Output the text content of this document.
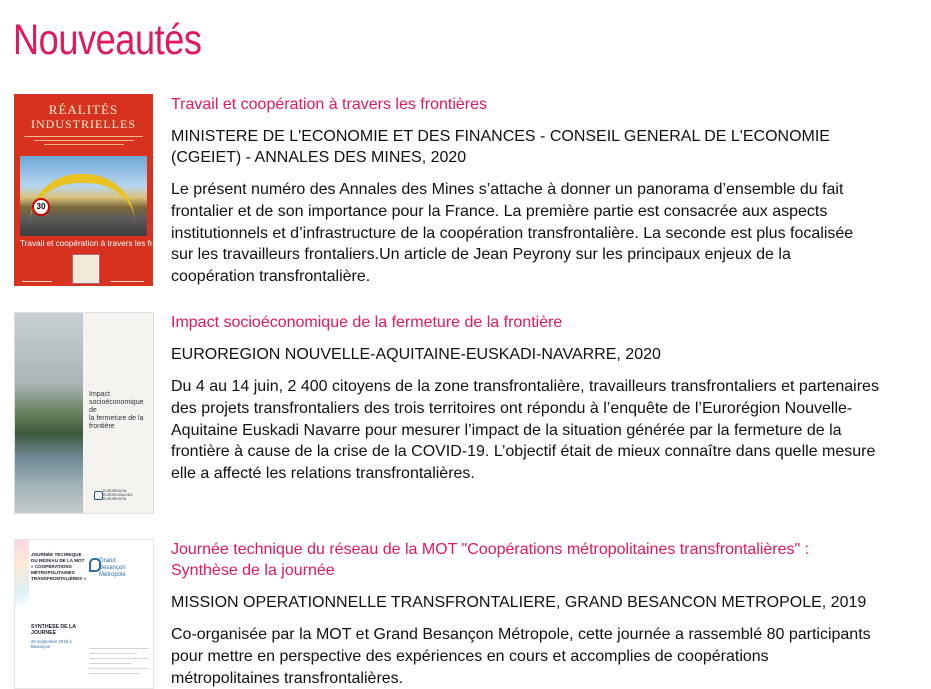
Nouveautés
RÉALITÉS
INDUSTRIELLES
30
Travail et coopération à travers les frontières

Travail et coopération à travers les frontières

MINISTERE DE L'ECONOMIE ET DES FINANCES - CONSEIL GENERAL DE L'ECONOMIE
(CGEIET) - ANNALES DES MINES, 2020

Le présent numéro des Annales des Mines s’attache à donner un panorama d’ensemble du fait
frontalier et de son importance pour la France. La première partie est consacrée aux aspects
institutionnels et d’infrastructure de la coopération transfrontalière. La seconde est plus focalisée
sur les travailleurs frontaliers.Un article de Jean Peyrony sur les principaux enjeux de la
coopération transfrontalière.

Impact
socioéconomique de
la fermeture de la
frontière
EUROREGION
EUROEGIOALDEA
EUROREGIÓN

Impact socioéconomique de la fermeture de la frontière

EUROREGION NOUVELLE-AQUITAINE-EUSKADI-NAVARRE, 2020

Du 4 au 14 juin, 2 400 citoyens de la zone transfrontalière, travailleurs transfrontaliers et partenaires
des projets transfrontaliers des trois territoires ont répondu à l’enquête de l’Eurorégion Nouvelle-
Aquitaine Euskadi Navarre pour mesurer l’impact de la situation générée par la fermeture de la
frontière à cause de la crise de la COVID-19. L’objectif était de mieux connaître dans quelle mesure
elle a affecté les relations transfrontalières.

JOURNÉE TECHNIQUE
DU RÉSEAU DE LA MOT
« COOPÉRATIONS
MÉTROPOLITAINES
TRANSFRONTALIÈRES »
Grand
Besançon
Métropole
SYNTHESE DE LA
JOURNEE
20 septembre 2019 à
Besançon

Journée technique du réseau de la MOT "Coopérations métropolitaines transfrontalières" :
Synthèse de la journée

MISSION OPERATIONNELLE TRANSFRONTALIERE, GRAND BESANCON METROPOLE, 2019

Co-organisée par la MOT et Grand Besançon Métropole, cette journée a rassemblé 80 participants
pour mettre en perspective des expériences en cours et accomplies de coopérations
métropolitaines transfrontalières.
